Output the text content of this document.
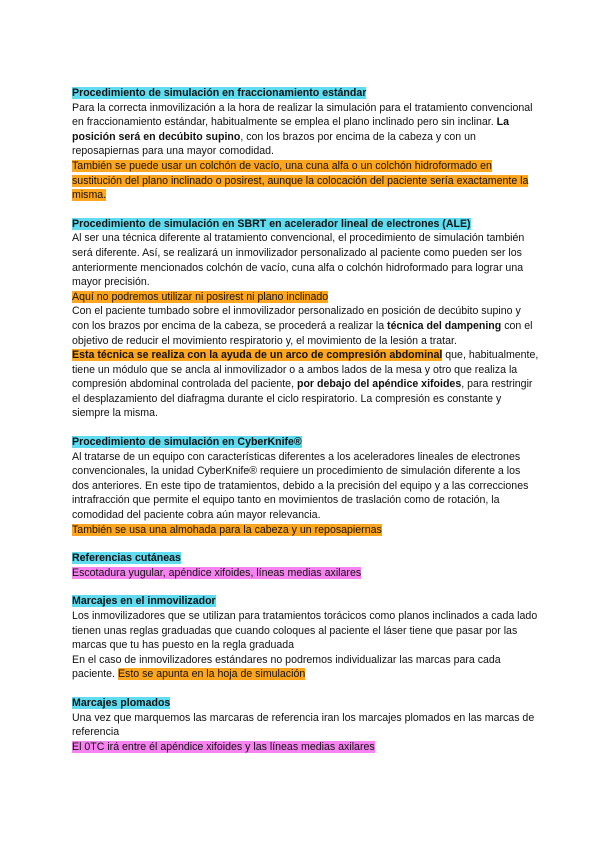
Procedimiento de simulación en fraccionamiento estándar

Para la correcta inmovilización a la hora de realizar la simulación para el tratamiento convencional en fraccionamiento estándar, habitualmente se emplea el plano inclinado pero sin inclinar. La posición será en decúbito supino, con los brazos por encima de la cabeza y con un reposapiernas para una mayor comodidad.

También se puede usar un colchón de vacío, una cuna alfa o un colchón hidroformado en sustitución del plano inclinado o posirest, aunque la colocación del paciente sería exactamente la misma.

Procedimiento de simulación en SBRT en acelerador lineal de electrones (ALE)

Al ser una técnica diferente al tratamiento convencional, el procedimiento de simulación también será diferente. Así, se realizará un inmovilizador personalizado al paciente como pueden ser los anteriormente mencionados colchón de vacío, cuna alfa o colchón hidroformado para lograr una mayor precisión.

Aquí no podremos utilizar ni posirest ni plano inclinado

Con el paciente tumbado sobre el inmovilizador personalizado en posición de decúbito supino y con los brazos por encima de la cabeza, se procederá a realizar la técnica del dampening con el objetivo de reducir el movimiento respiratorio y, el movimiento de la lesión a tratar.

Esta técnica se realiza con la ayuda de un arco de compresión abdominal que, habitualmente, tiene un módulo que se ancla al inmovilizador o a ambos lados de la mesa y otro que realiza la compresión abdominal controlada del paciente, por debajo del apéndice xifoides, para restringir el desplazamiento del diafragma durante el ciclo respiratorio. La compresión es constante y siempre la misma.

Procedimiento de simulación en CyberKnife®

Al tratarse de un equipo con características diferentes a los aceleradores lineales de electrones convencionales, la unidad CyberKnife® requiere un procedimiento de simulación diferente a los dos anteriores. En este tipo de tratamientos, debido a la precisión del equipo y a las correcciones intrafracción que permite el equipo tanto en movimientos de traslación como de rotación, la comodidad del paciente cobra aún mayor relevancia.

También se usa una almohada para la cabeza y un reposapiernas

Referencias cutáneas

Escotadura yugular, apéndice xifoides, líneas medias axilares

Marcajes en el inmovilizador

Los inmovilizadores que se utilizan para tratamientos torácicos como planos inclinados a cada lado tienen unas reglas graduadas que cuando coloques al paciente el láser tiene que pasar por las marcas que tu has puesto en la regla graduada

En el caso de inmovilizadores estándares no podremos individualizar las marcas para cada paciente. Esto se apunta en la hoja de simulación

Marcajes plomados

Una vez que marquemos las marcaras de referencia iran los marcajes plomados en las marcas de referencia

El 0TC irá entre él apéndice xifoides y las líneas medias axilares
